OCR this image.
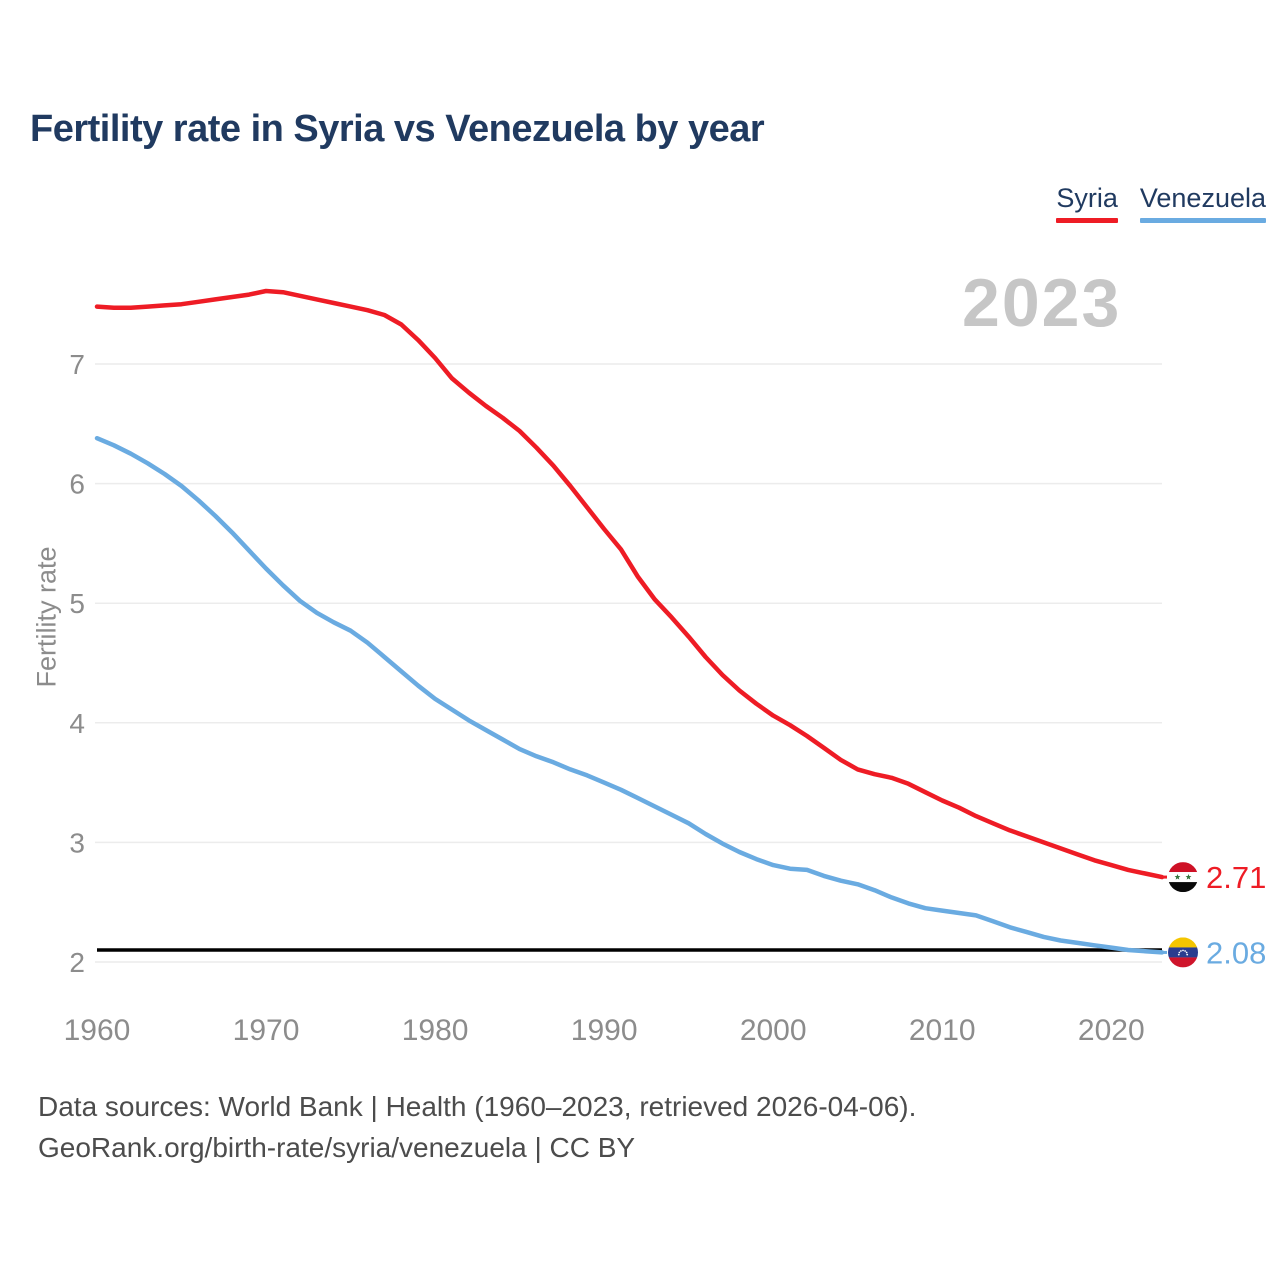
Fertility rate in Syria vs Venezuela by year
Syria Venezuela
2023
2
3
4
5
6
7
1960	1970	1980	1990	2000	2010	2020
2.71
2.08
Fertility rate
Data sources: World Bank | Health (1960–2023, retrieved 2026-04-06).
GeoRank.org/birth-rate/syria/venezuela | CC BY
